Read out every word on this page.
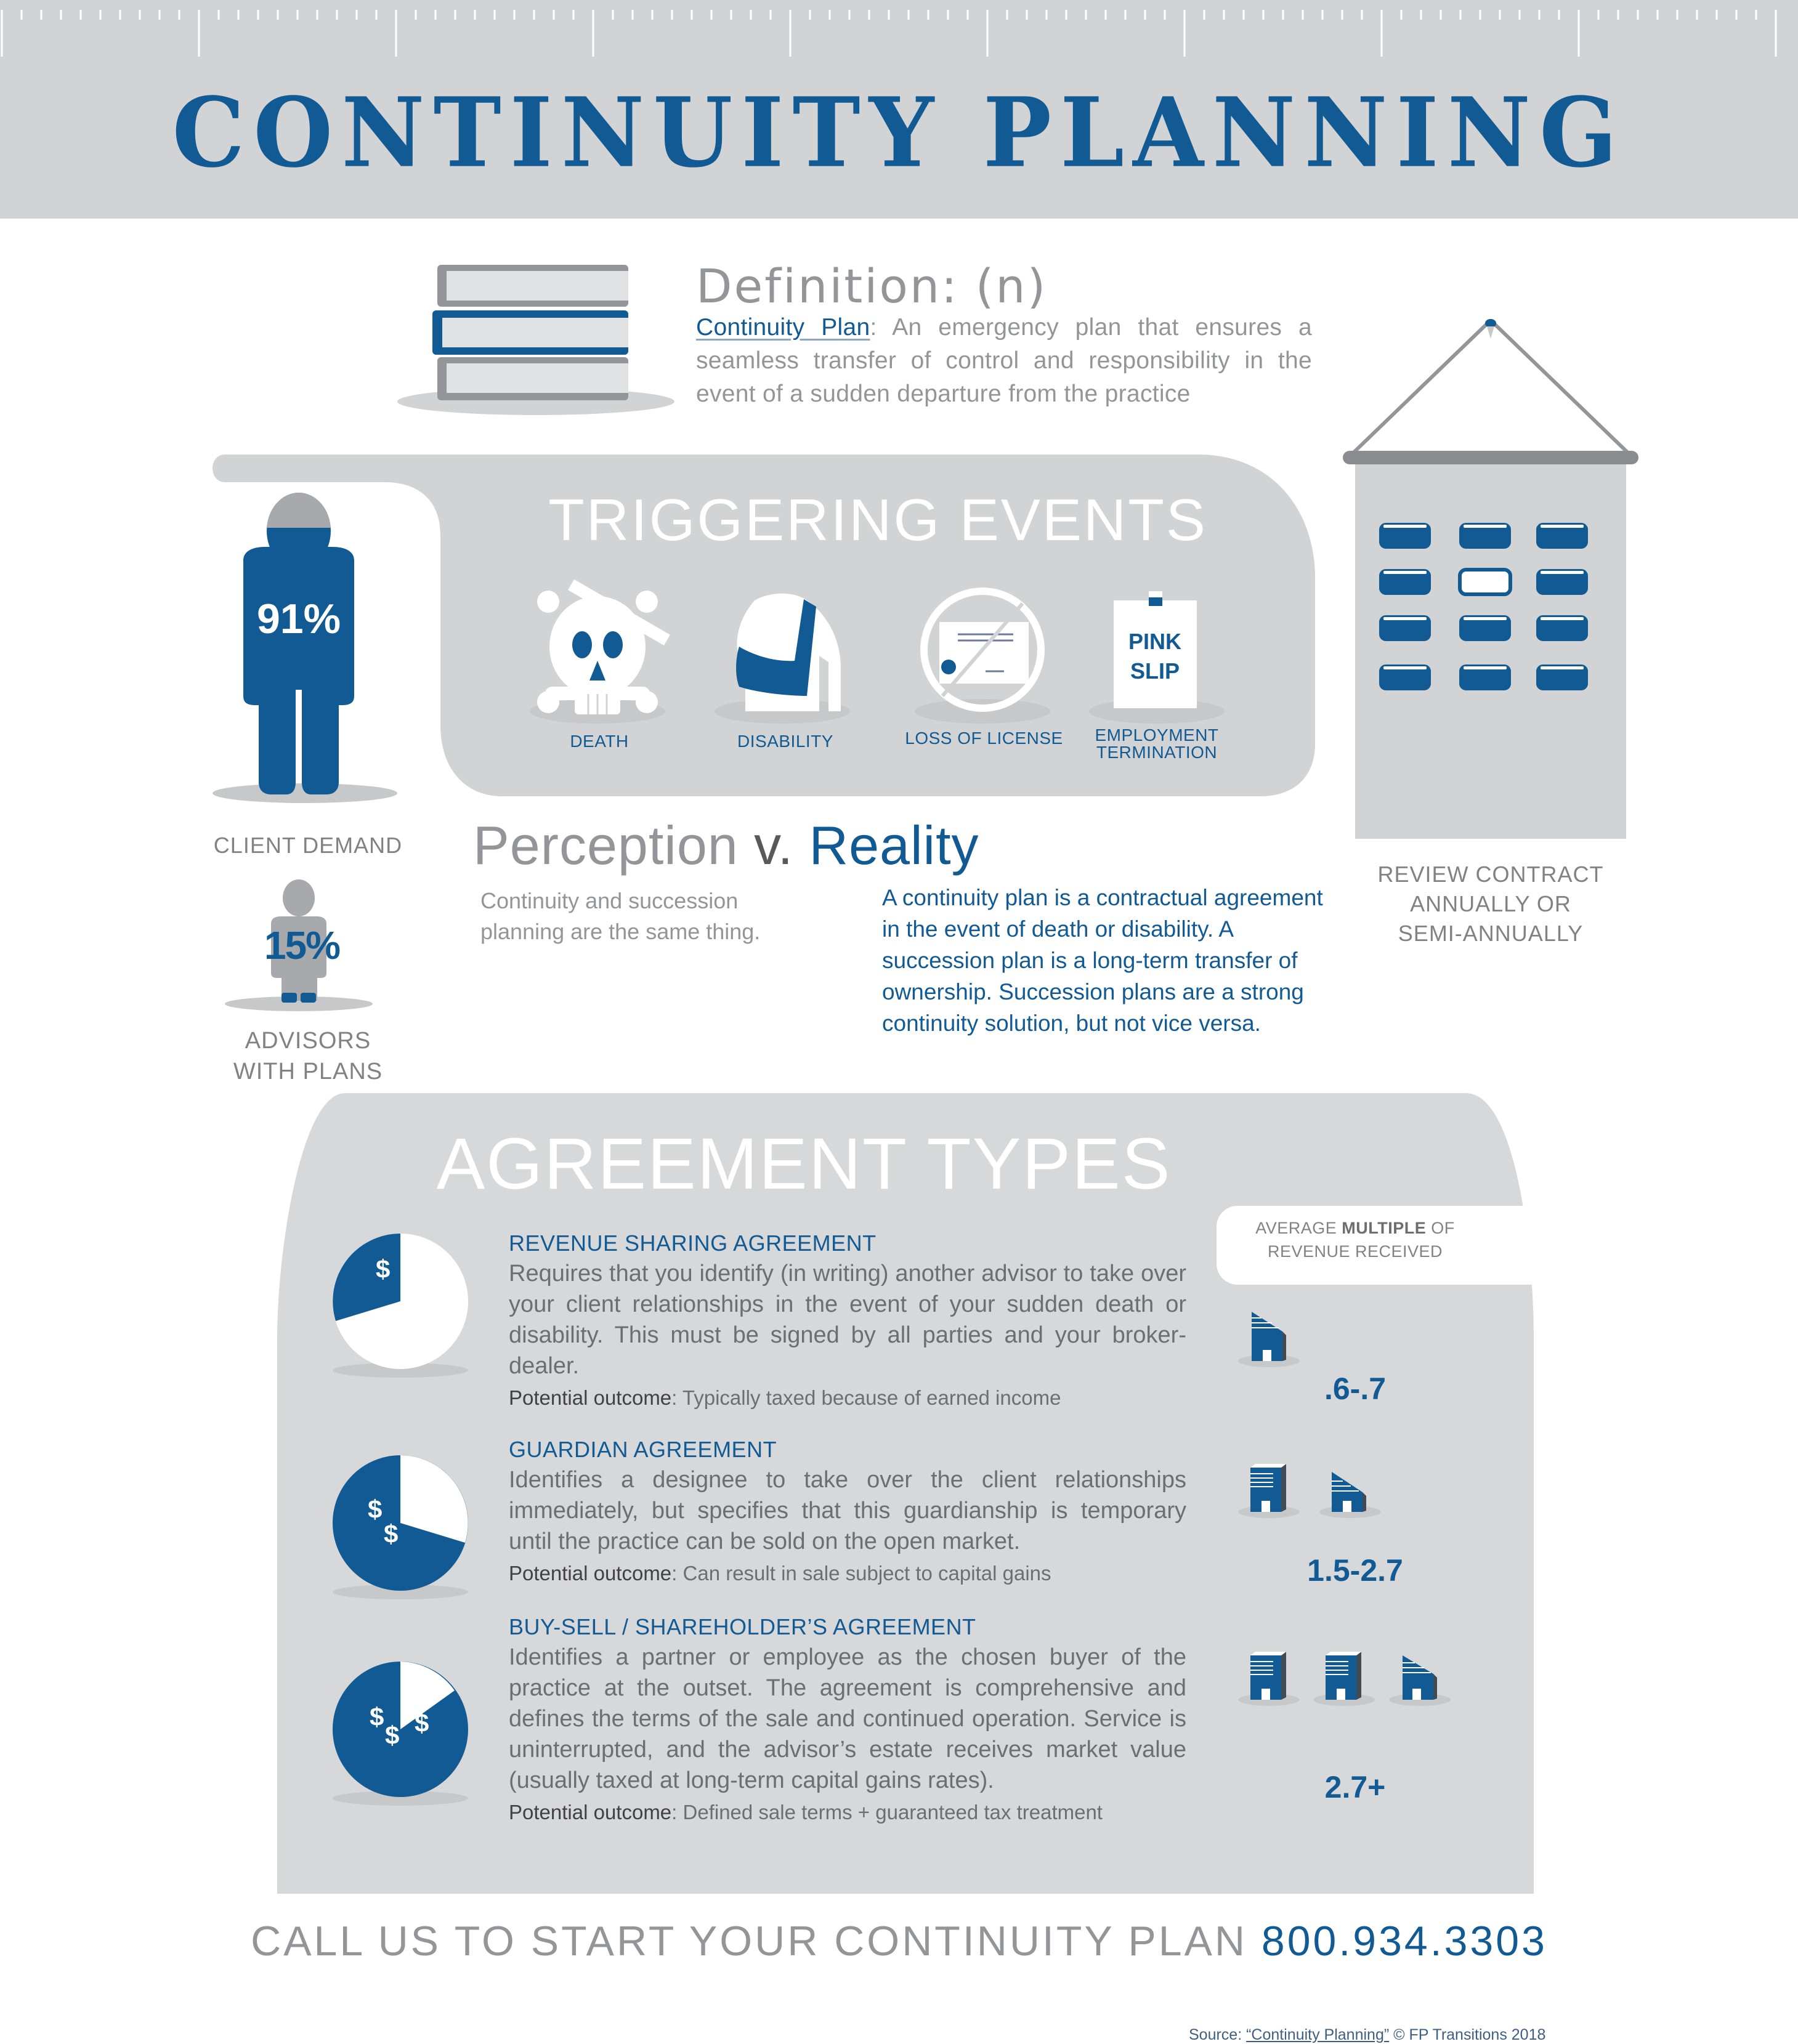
CONTINUITY PLANNING
Definition: (n)

Continuity Plan: An emergency plan that ensures a seamless transfer of control and responsibility in the event of a sudden departure from the practice

TRIGGERING EVENTS
PINK
SLIP
DEATH	DISABILITY	LOSS OF LICENSE	EMPLOYMENT TERMINATION
91%
CLIENT DEMAND
15%
ADVISORS
WITH PLANS
Perception v. Reality

Continuity and succession planning are the same thing.

A continuity plan is a contractual agreement in the event of death or disability. A succession plan is a long-term transfer of ownership. Succession plans are a strong continuity solution, but not vice versa.

REVIEW CONTRACT
ANNUALLY OR
SEMI-ANNUALLY
AGREEMENT TYPES
AVERAGE MULTIPLE OF
REVENUE RECEIVED
$
REVENUE SHARING AGREEMENT

Requires that you identify (in writing) another advisor to take over your client relationships in the event of your sudden death or disability. This must be signed by all parties and your broker-dealer.

Potential outcome: Typically taxed because of earned income	.6-.7
$
$
GUARDIAN AGREEMENT

Identifies a designee to take over the client relationships immediately, but specifies that this guardianship is temporary until the practice can be sold on the open market.

Potential outcome: Can result in sale subject to capital gains	1.5-2.7
$
$ $
BUY-SELL / SHAREHOLDER’S AGREEMENT

Identifies a partner or employee as the chosen buyer of the practice at the outset. The agreement is comprehensive and defines the terms of the sale and continued operation. Service is uninterrupted, and the advisor’s estate receives market value (usually taxed at long-term capital gains rates).

Potential outcome: Defined sale terms + guaranteed tax treatment
2.7+
CALL US TO START YOUR CONTINUITY PLAN 800.934.3303
Source: “Continuity Planning” © FP Transitions 2018
